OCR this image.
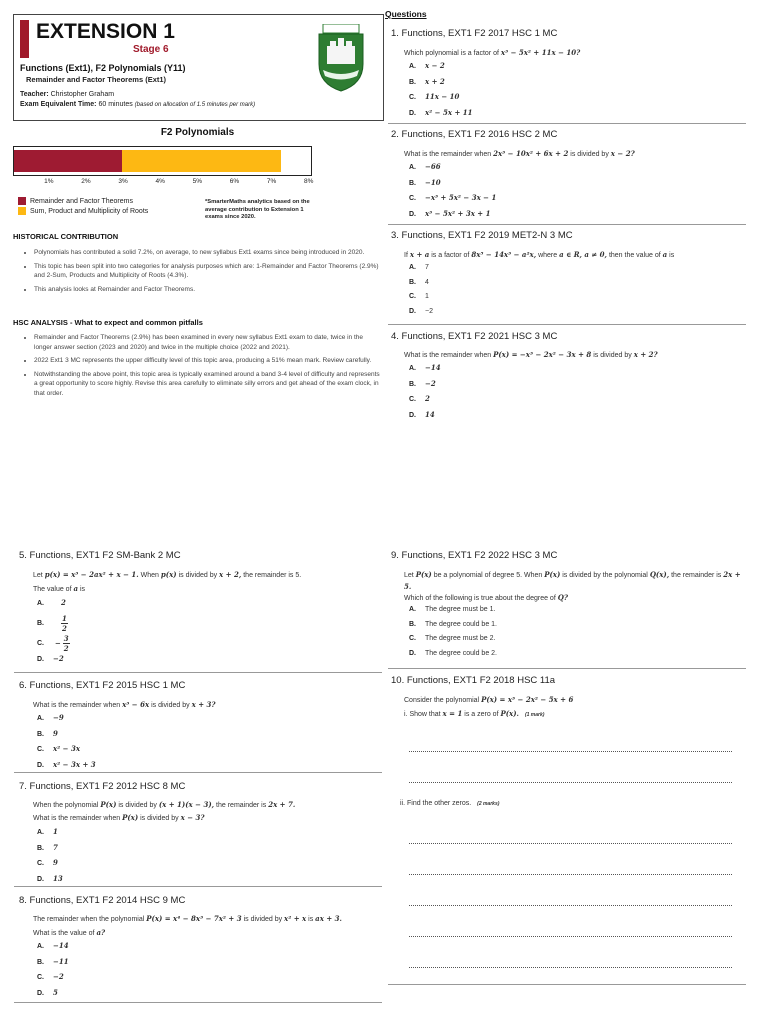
EXTENSION 1
Stage 6
Functions (Ext1), F2 Polynomials (Y11)
Remainder and Factor Theorems (Ext1)
Teacher: Christopher Graham
Exam Equivalent Time: 60 minutes (based on allocation of 1.5 minutes per mark)
F2 Polynomials
1%	2%	3%	4%	5%	6%	7%	8%
Remainder and Factor Theorems
Sum, Product and Multiplicity of Roots
*SmarterMaths analytics based on the average contribution to Extension 1 exams since 2020.
HISTORICAL CONTRIBUTION
• Polynomials has contributed a solid 7.2%, on average, to new syllabus Ext1 exams since being introduced in 2020.
• This topic has been split into two categories for analysis purposes which are: 1-Remainder and Factor Theorems (2.9%) and 2-Sum, Products and Multiplicity of Roots (4.3%).
• This analysis looks at Remainder and Factor Theorems.
HSC ANALYSIS - What to expect and common pitfalls
• Remainder and Factor Theorems (2.9%) has been examined in every new syllabus Ext1 exam to date, twice in the longer answer section (2023 and 2020) and twice in the multiple choice (2022 and 2021).
• 2022 Ext1 3 MC represents the upper difficulty level of this topic area, producing a 51% mean mark. Review carefully.
• Notwithstanding the above point, this topic area is typically examined around a band 3-4 level of difficulty and represents a great opportunity to score highly. Revise this area carefully to eliminate silly errors and get ahead of the exam clock, in that order.
Questions
1. Functions, EXT1 F2 2017 HSC 1 MC
Which polynomial is a factor of x³ − 5x² + 11x − 10?
A. x − 2
B. x + 2
C. 11x − 10
D. x² − 5x + 11
2. Functions, EXT1 F2 2016 HSC 2 MC
What is the remainder when 2x³ − 10x² + 6x + 2 is divided by x − 2?
A. −66
B. −10
C. −x³ + 5x² − 3x − 1
D. x³ − 5x² + 3x + 1
3. Functions, EXT1 F2 2019 MET2-N 3 MC
If x + a is a factor of 8x⁵ − 14x³ − a²x, where a ∈ R, a ≠ 0, then the value of a is
A. 7
B. 4
C. 1
D. −2
4. Functions, EXT1 F2 2021 HSC 3 MC
What is the remainder when P(x) = −x³ − 2x² − 3x + 8 is divided by x + 2?
A. −14
B. −2
C. 2
D. 14
5. Functions, EXT1 F2 SM-Bank 2 MC
Let p(x) = x³ − 2ax² + x − 1. When p(x) is divided by x + 2, the remainder is 5.
The value of a is
A. 2
B. $\frac{1}{2}$
C. − $\frac{3}{2}$
D. −2
6. Functions, EXT1 F2 2015 HSC 1 MC
What is the remainder when x³ − 6x is divided by x + 3?
A. −9
B. 9
C. x² − 3x
D. x² − 3x + 3
7. Functions, EXT1 F2 2012 HSC 8 MC
When the polynomial P(x) is divided by (x + 1)(x − 3), the remainder is 2x + 7.
What is the remainder when P(x) is divided by x − 3?
A. 1
B. 7
C. 9
D. 13
8. Functions, EXT1 F2 2014 HSC 9 MC
The remainder when the polynomial P(x) = x⁴ − 8x³ − 7x² + 3 is divided by x² + x is ax + 3.
What is the value of a?
A. −14
B. −11
C. −2
D. 5
9. Functions, EXT1 F2 2022 HSC 3 MC
Let P(x) be a polynomial of degree 5. When P(x) is divided by the polynomial Q(x), the remainder is 2x + 5.
Which of the following is true about the degree of Q?
A. The degree must be 1.
B. The degree could be 1.
C. The degree must be 2.
D. The degree could be 2.
10. Functions, EXT1 F2 2018 HSC 11a
Consider the polynomial P(x) = x³ − 2x² − 5x + 6
i. Show that x = 1 is a zero of P(x). (1 mark)
ii. Find the other zeros. (2 marks)
